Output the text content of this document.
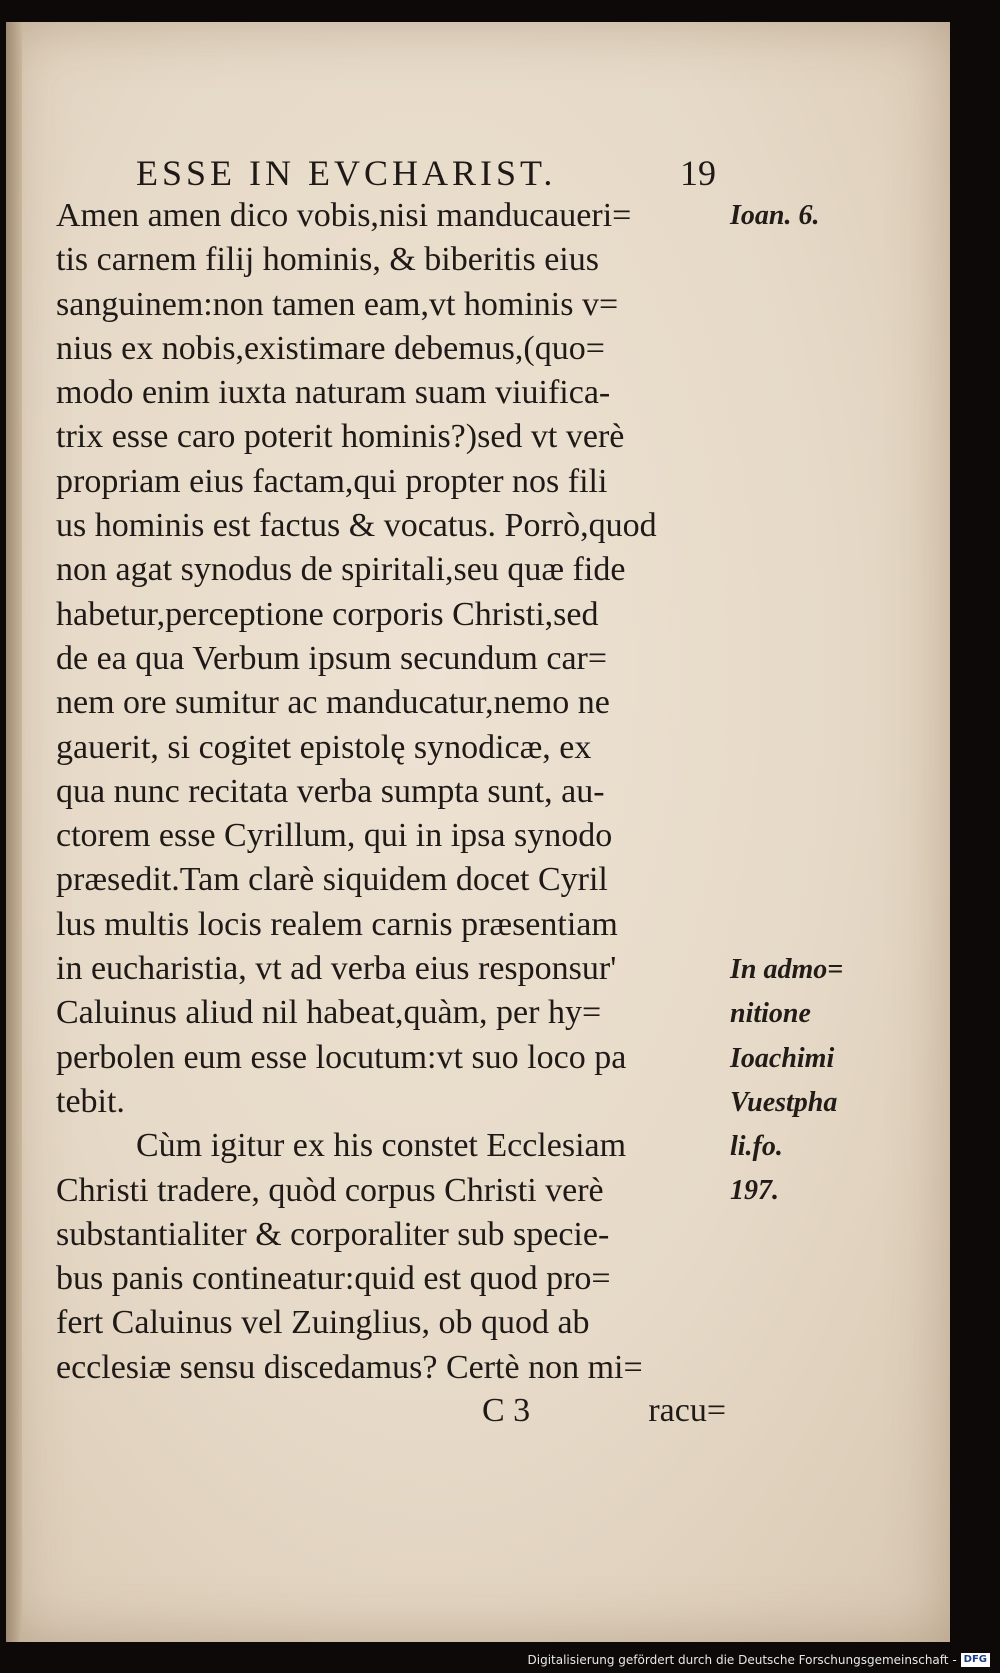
ESSE IN EVCHARIST.	19
Amen amen dico vobis,nisi manducaueri=
tis carnem filij hominis, & biberitis eius
sanguinem:non tamen eam,vt hominis v=
nius ex nobis,existimare debemus,(quo=
modo enim iuxta naturam suam viuifica-
trix esse caro poterit hominis?)sed vt verè
propriam eius factam,qui propter nos fili
us hominis est factus & vocatus. Porrò,quod
non agat synodus de spiritali,seu quæ fide
habetur,perceptione corporis Christi,sed
de ea qua Verbum ipsum secundum car=
nem ore sumitur ac manducatur,nemo ne
gauerit, si cogitet epistolę synodicæ, ex
qua nunc recitata verba sumpta sunt, au-
ctorem esse Cyrillum, qui in ipsa synodo
præsedit.Tam clarè siquidem docet Cyril
lus multis locis realem carnis præsentiam
in eucharistia, vt ad verba eius responsur'
Caluinus aliud nil habeat,quàm, per hy=
perbolen eum esse locutum:vt suo loco pa
tebit.
Cùm igitur ex his constet Ecclesiam
Christi tradere, quòd corpus Christi verè
substantialiter & corporaliter sub specie-
bus panis contineatur:quid est quod pro=
fert Caluinus vel Zuinglius, ob quod ab
ecclesiæ sensu discedamus? Certè non mi=
C 3	racu=
Ioan. 6.
In admo=
nitione
Ioachimi
Vuestpha
li.fo.
197.
Digitalisierung gefördert durch die Deutsche Forschungsgemeinschaft - DFG
